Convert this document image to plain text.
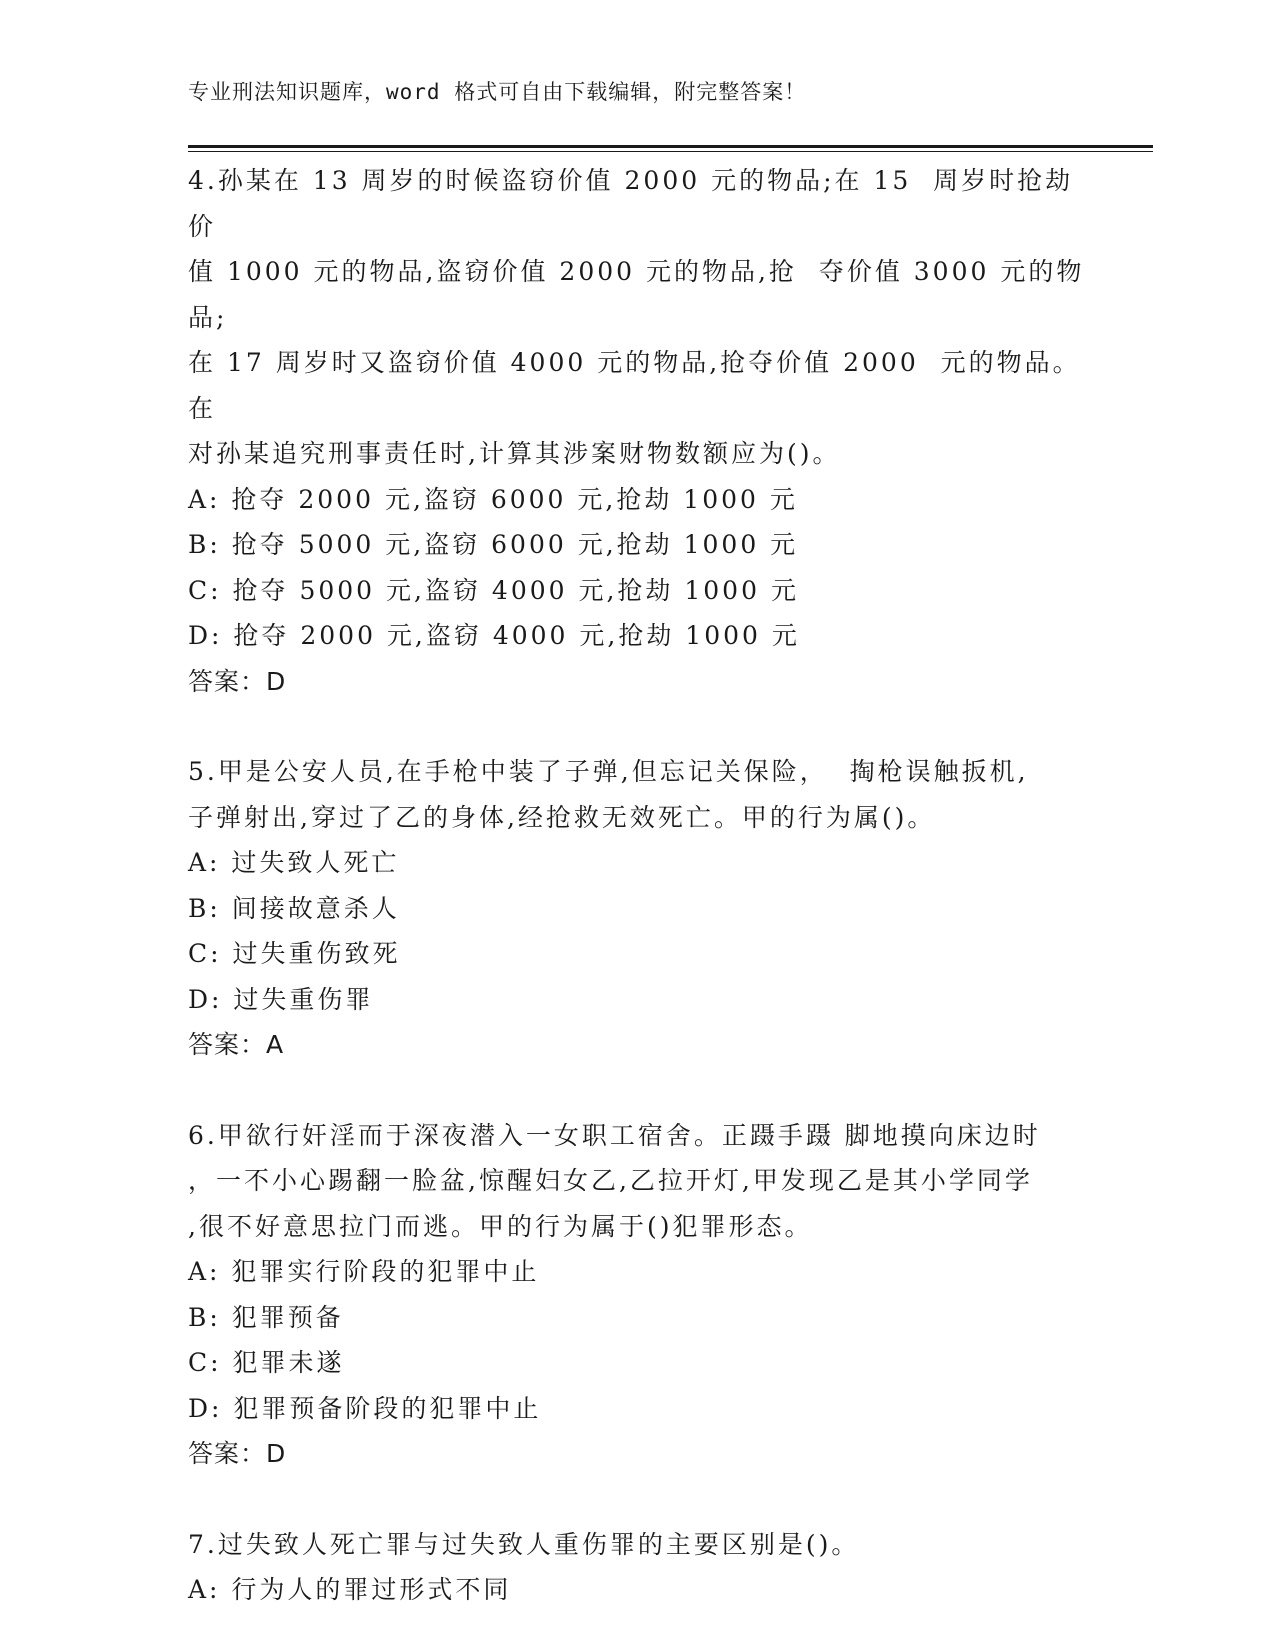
专业刑法知识题库，word 格式可自由下载编辑，附完整答案！

4.孙某在 13 周岁的时候盗窃价值 2000 元的物品;在 15  周岁时抢劫价

值 1000 元的物品,盗窃价值 2000 元的物品,抢  夺价值 3000 元的物品;

在 17 周岁时又盗窃价值 4000 元的物品,抢夺价值 2000  元的物品。在

对孙某追究刑事责任时,计算其涉案财物数额应为()。

A: 抢夺 2000 元,盗窃 6000 元,抢劫 1000 元

B: 抢夺 5000 元,盗窃 6000 元,抢劫 1000 元

C: 抢夺 5000 元,盗窃 4000 元,抢劫 1000 元

D: 抢夺 2000 元,盗窃 4000 元,抢劫 1000 元

答案：D

5.甲是公安人员,在手枪中装了子弹,但忘记关保险，  掏枪误触扳机,

子弹射出,穿过了乙的身体,经抢救无效死亡。甲的行为属()。

A: 过失致人死亡

B: 间接故意杀人

C: 过失重伤致死

D: 过失重伤罪

答案：A

6.甲欲行奸淫而于深夜潜入一女职工宿舍。正蹑手蹑 脚地摸向床边时

，一不小心踢翻一脸盆,惊醒妇女乙,乙拉开灯,甲发现乙是其小学同学

,很不好意思拉门而逃。甲的行为属于()犯罪形态。

A: 犯罪实行阶段的犯罪中止

B: 犯罪预备

C: 犯罪未遂

D: 犯罪预备阶段的犯罪中止

答案：D

7.过失致人死亡罪与过失致人重伤罪的主要区别是()。

A: 行为人的罪过形式不同
